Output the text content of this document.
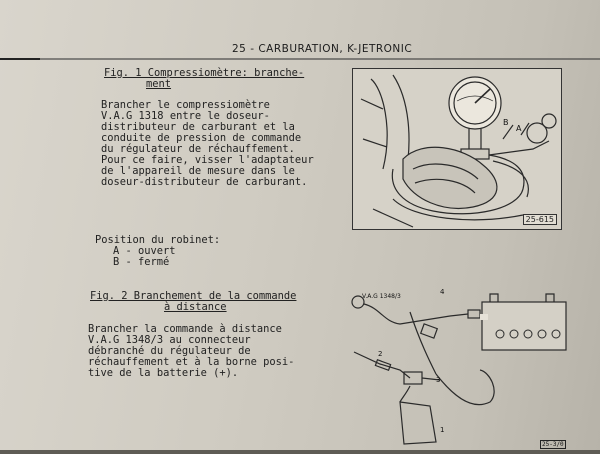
25 - CARBURATION, K-JETRONIC
Fig. 1 Compressiomètre: branche-
ment
Brancher le compressiomètre
V.A.G 1318 entre le doseur-
distributeur de carburant et la
conduite de pression de commande
du régulateur de réchauffement.
Pour ce faire, visser l'adaptateur
de l'appareil de mesure dans le
doseur-distributeur de carburant.
Position du robinet:
A - ouvert
B - fermé
Fig. 2 Branchement de la commande
à distance
Brancher la commande à distance
V.A.G 1348/3 au connecteur
débranché du régulateur de
réchauffement et à la borne posi-
tive de la batterie (+).
B
A
25-615
V.A.G 1348/3
4
2
3
1
25-3/0
